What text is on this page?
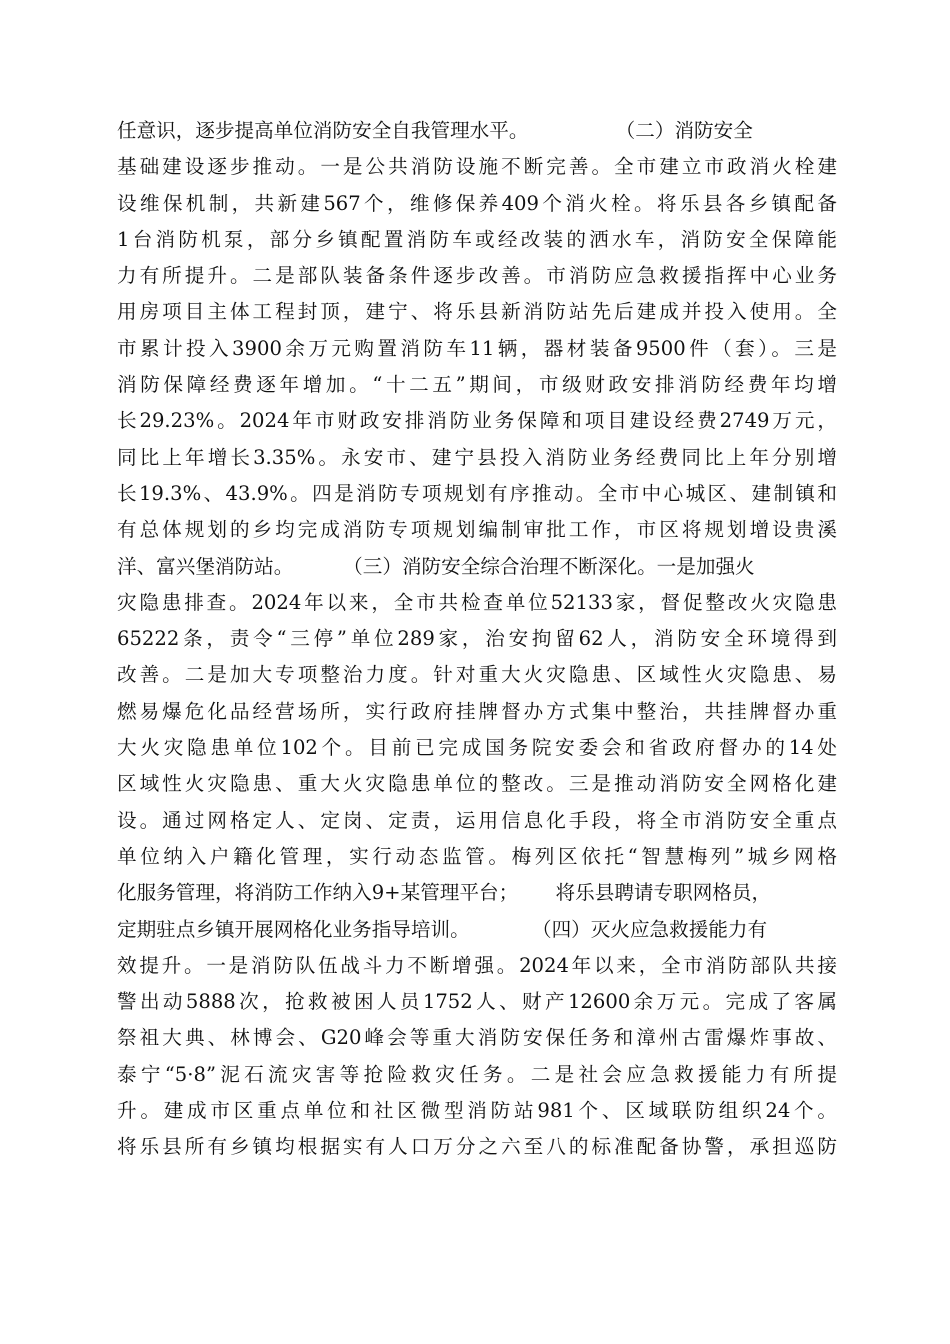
任意识，逐步提高单位消防安全自我管理水平。              （二）消防安全
基础建设逐步推动。一是公共消防设施不断完善。全市建立市政消火栓建
设维保机制，共新建567个，维修保养409个消火栓。将乐县各乡镇配备
1台消防机泵，部分乡镇配置消防车或经改装的洒水车，消防安全保障能
力有所提升。二是部队装备条件逐步改善。市消防应急救援指挥中心业务
用房项目主体工程封顶，建宁、将乐县新消防站先后建成并投入使用。全
市累计投入3900余万元购置消防车11辆，器材装备9500件（套）。三是
消防保障经费逐年增加。“十二五”期间，市级财政安排消防经费年均增
长29.23%。2024年市财政安排消防业务保障和项目建设经费2749万元，
同比上年增长3.35%。永安市、建宁县投入消防业务经费同比上年分别增
长19.3%、43.9%。四是消防专项规划有序推动。全市中心城区、建制镇和
有总体规划的乡均完成消防专项规划编制审批工作，市区将规划增设贵溪
洋、富兴堡消防站。        （三）消防安全综合治理不断深化。一是加强火
灾隐患排查。2024年以来，全市共检查单位52133家，督促整改火灾隐患
65222条，责令“三停”单位289家，治安拘留62人，消防安全环境得到
改善。二是加大专项整治力度。针对重大火灾隐患、区域性火灾隐患、易
燃易爆危化品经营场所，实行政府挂牌督办方式集中整治，共挂牌督办重
大火灾隐患单位102个。目前已完成国务院安委会和省政府督办的14处
区域性火灾隐患、重大火灾隐患单位的整改。三是推动消防安全网格化建
设。通过网格定人、定岗、定责，运用信息化手段，将全市消防安全重点
单位纳入户籍化管理，实行动态监管。梅列区依托“智慧梅列”城乡网格
化服务管理，将消防工作纳入9+某管理平台；      将乐县聘请专职网格员，
定期驻点乡镇开展网格化业务指导培训。          （四）灭火应急救援能力有
效提升。一是消防队伍战斗力不断增强。2024年以来，全市消防部队共接
警出动5888次，抢救被困人员1752人、财产12600余万元。完成了客属
祭祖大典、林博会、G20峰会等重大消防安保任务和漳州古雷爆炸事故、
泰宁“5·8”泥石流灾害等抢险救灾任务。二是社会应急救援能力有所提
升。建成市区重点单位和社区微型消防站981个、区域联防组织24个。
将乐县所有乡镇均根据实有人口万分之六至八的标准配备协警，承担巡防
